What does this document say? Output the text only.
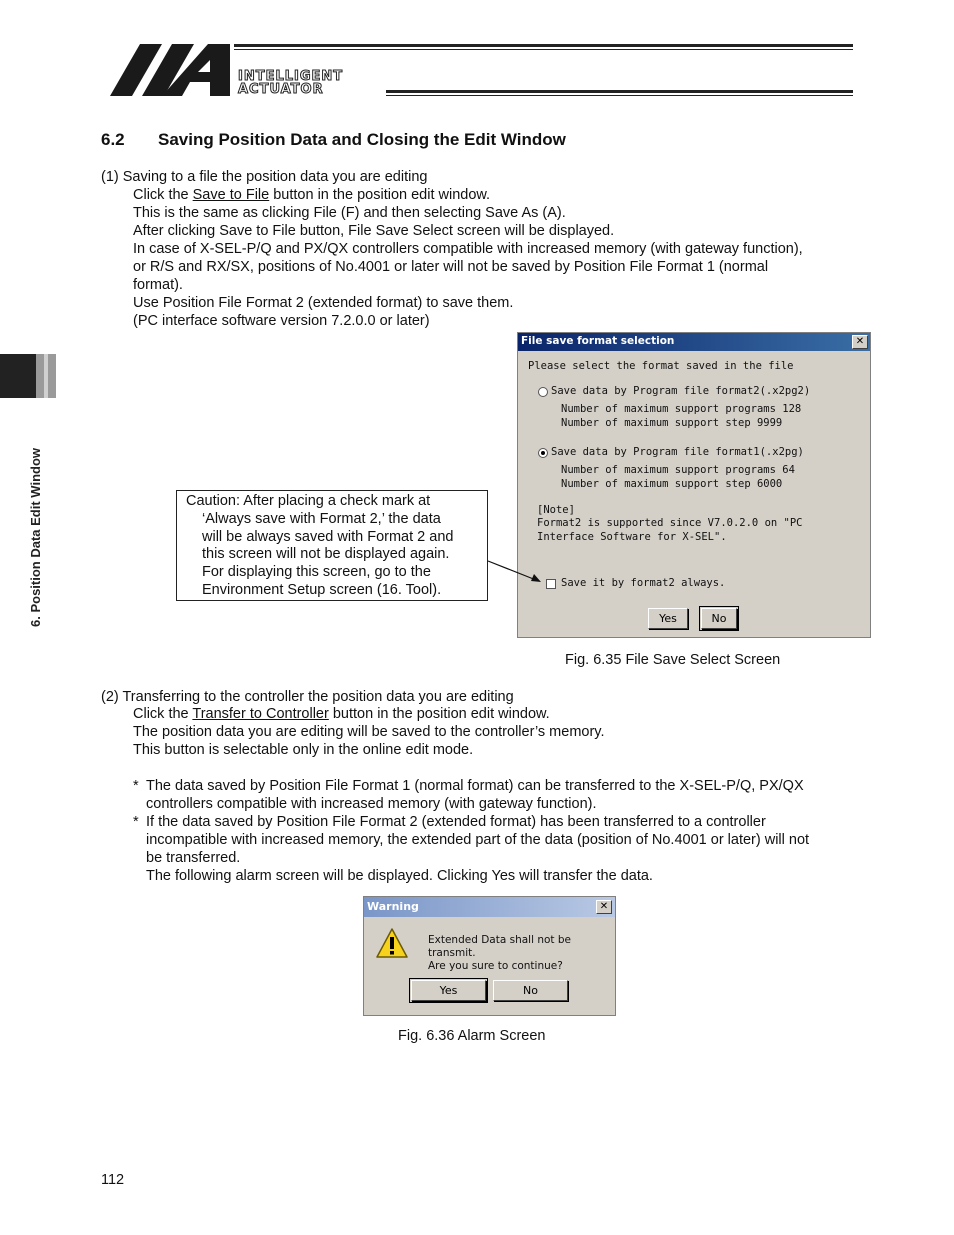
INTELLIGENT
ACTUATOR
6. Position Data Edit Window
6.2 Saving Position Data and Closing the Edit Window
(1) Saving to a file the position data you are editing
Click the Save to File button in the position edit window.
This is the same as clicking File (F) and then selecting Save As (A).
After clicking Save to File button, File Save Select screen will be displayed.
In case of X-SEL-P/Q and PX/QX controllers compatible with increased memory (with gateway function),
or R/S and RX/SX, positions of No.4001 or later will not be saved by Position File Format 1 (normal
format).
Use Position File Format 2 (extended format) to save them.
(PC interface software version 7.2.0.0 or later)
File save format selection	✕
Please select the format saved in the file
Save data by Program file format2(.x2pg2)
Number of maximum support programs 128
Number of maximum support step 9999
Save data by Program file format1(.x2pg)
Number of maximum support programs 64
Number of maximum support step 6000
[Note]
Format2 is supported since V7.0.2.0 on "PC
Interface Software for X-SEL".
Save it by format2 always.
Yes	No
Caution: After placing a check mark at
‘Always save with Format 2,’ the data
will be always saved with Format 2 and
this screen will not be displayed again.
For displaying this screen, go to the
Environment Setup screen (16. Tool).
Fig. 6.35 File Save Select Screen
(2) Transferring to the controller the position data you are editing
Click the Transfer to Controller button in the position edit window.
The position data you are editing will be saved to the controller’s memory.
This button is selectable only in the online edit mode.
* The data saved by Position File Format 1 (normal format) can be transferred to the X-SEL-P/Q, PX/QX
controllers compatible with increased memory (with gateway function).
* If the data saved by Position File Format 2 (extended format) has been transferred to a controller
incompatible with increased memory, the extended part of the data (position of No.4001 or later) will not
be transferred.
The following alarm screen will be displayed. Clicking Yes will transfer the data.
Warning	✕
Extended Data shall not be transmit.
Are you sure to continue?
Yes	No
Fig. 6.36 Alarm Screen
112
